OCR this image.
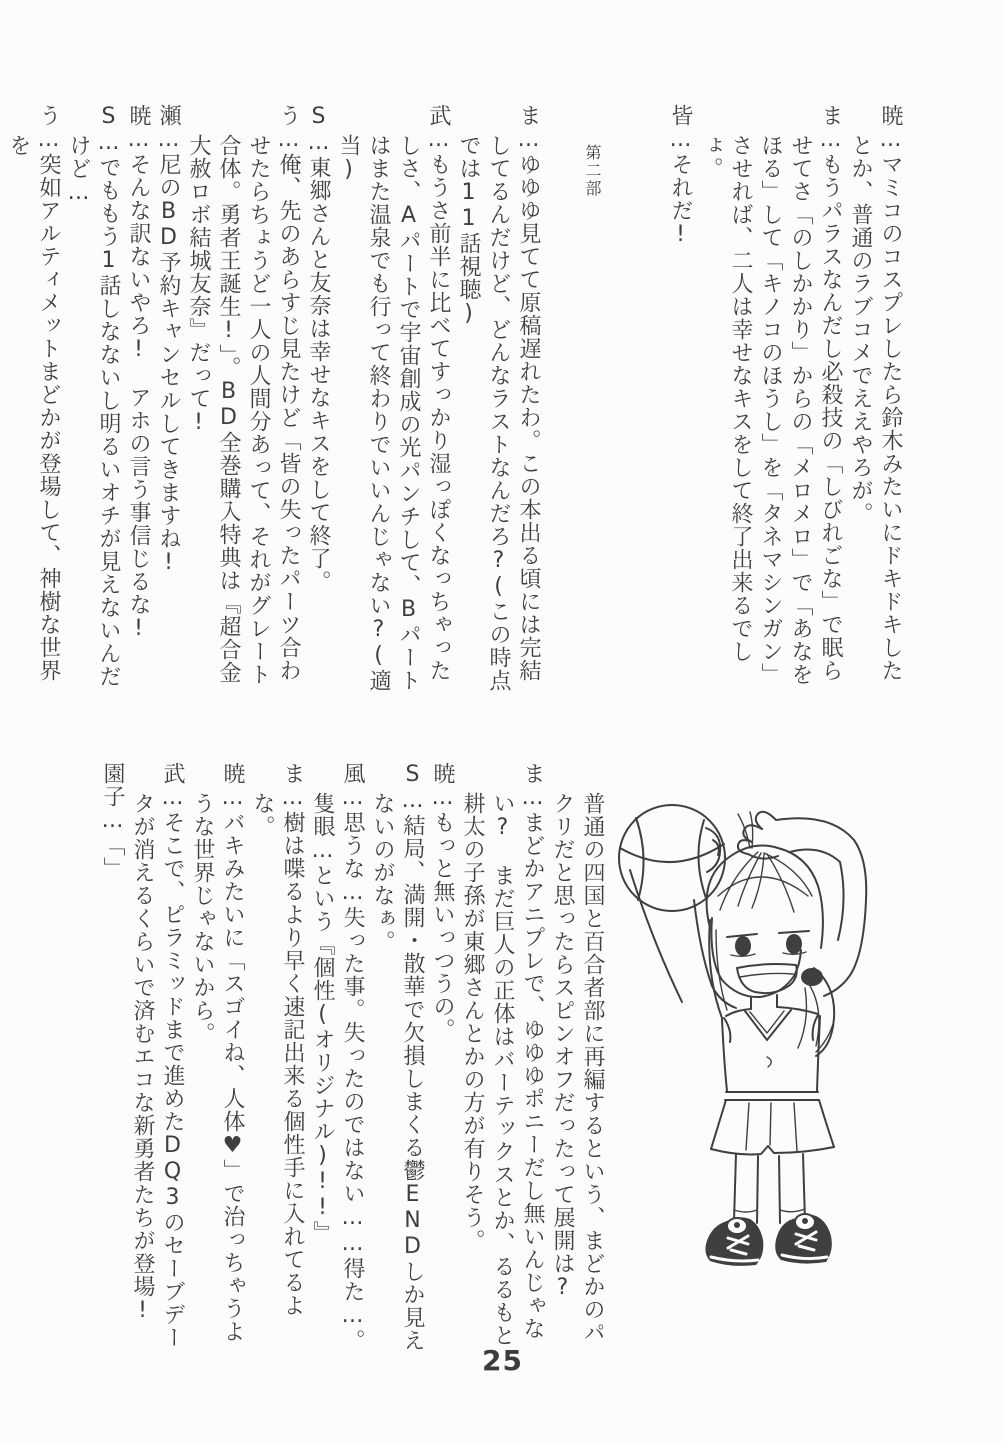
暁…マミコのコスプレしたら鈴木みたいにドキドキしたとか、普通のラブコメでええやろが。

ま…もうパラスなんだし必殺技の「しびれごな」で眠らせてさ「のしかかり」からの「メロメロ」で「あなをほる」して「キノコのほうし」を「タネマシンガン」させれば、二人は幸せなキスをして終了出来るでしょ。

皆…それだ!

第二部

ま…ゆゆゆ見てて原稿遅れたわ。この本出る頃には完結してるんだけど、どんなラストなんだろ?(この時点では11話視聴)

武…もうさ前半に比べてすっかり湿っぽくなっちゃったしさ、Aパートで宇宙創成の光パンチして、Bパートはまた温泉でも行って終わりでいいんじゃない?(適当)

S…東郷さんと友奈は幸せなキスをして終了。

う…俺、先のあらすじ見たけど「皆の失ったパーツ合わせたらちょうど一人の人間分あって、それがグレート合体。勇者王誕生!」。BD全巻購入特典は『超合金大赦ロボ結城友奈』だって!

瀬…尼のBD予約キャンセルしてきますね!

暁…そんな訳ないやろ!　アホの言う事信じるな!

S…でももう1話しなないし明るいオチが見えないんだけど…

う…突如アルティメットまどかが登場して、神樹な世界を

普通の四国と百合者部に再編するという、まどかのパクリだと思ったらスピンオフだったって展開は?

ま…まどかアニプレで、ゆゆゆポニーだし無いんじゃない?　まだ巨人の正体はバーテックスとか、るるもと耕太の子孫が東郷さんとかの方が有りそう。

暁…もっと無いっつうの。

S…結局、満開・散華で欠損しまくる鬱ENDしか見えないのがなぁ。

風…思うな…失った事。失ったのではない……得た…。隻眼…という『個性(オリジナル)!!』

ま…樹は喋るより早く速記出来る個性手に入れてるよな。

暁…バキみたいに「スゴイね、人体♥」で治っちゃうような世界じゃないから。

武…そこで、ピラミッドまで進めたDQ3のセーブデータが消えるくらいで済むエコな新勇者たちが登場!

園子…「」

25
